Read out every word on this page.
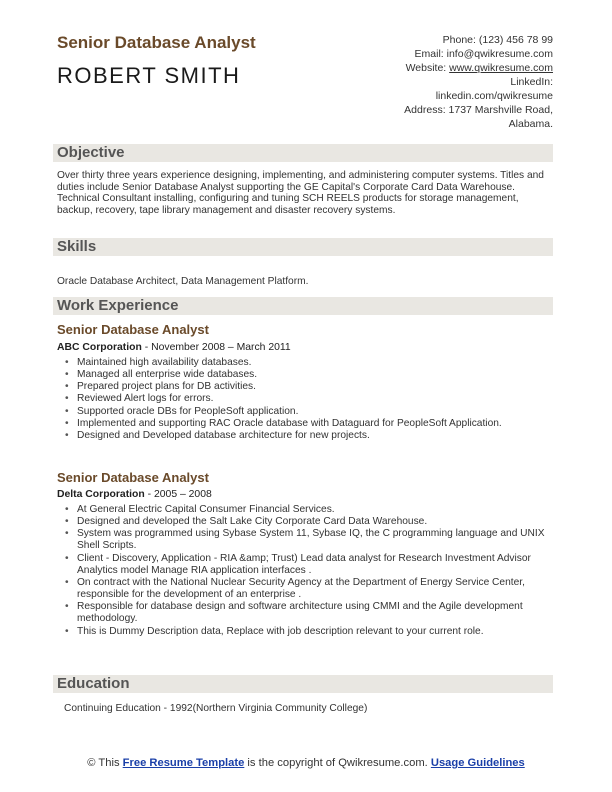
Senior Database Analyst
ROBERT SMITH
Phone: (123) 456 78 99
Email: info@qwikresume.com
Website: www.qwikresume.com
LinkedIn:
linkedin.com/qwikresume
Address: 1737 Marshville Road,
Alabama.
Objective
Over thirty three years experience designing, implementing, and administering computer systems. Titles and duties include Senior Database Analyst supporting the GE Capital's Corporate Card Data Warehouse. Technical Consultant installing, configuring and tuning SCH REELS products for storage management, backup, recovery, tape library management and disaster recovery systems.
Skills
Oracle Database Architect, Data Management Platform.
Work Experience
Senior Database Analyst
ABC Corporation - November 2008 – March 2011
• Maintained high availability databases.
• Managed all enterprise wide databases.
• Prepared project plans for DB activities.
• Reviewed Alert logs for errors.
• Supported oracle DBs for PeopleSoft application.
• Implemented and supporting RAC Oracle database with Dataguard for PeopleSoft Application.
• Designed and Developed database architecture for new projects.
Senior Database Analyst
Delta Corporation - 2005 – 2008
• At General Electric Capital Consumer Financial Services.
• Designed and developed the Salt Lake City Corporate Card Data Warehouse.
• System was programmed using Sybase System 11, Sybase IQ, the C programming language and UNIX Shell Scripts.
• Client - Discovery, Application - RIA &amp; Trust) Lead data analyst for Research Investment Advisor Analytics model Manage RIA application interfaces .
• On contract with the National Nuclear Security Agency at the Department of Energy Service Center, responsible for the development of an enterprise .
• Responsible for database design and software architecture using CMMI and the Agile development methodology.
• This is Dummy Description data, Replace with job description relevant to your current role.
Education
Continuing Education - 1992(Northern Virginia Community College)
© This Free Resume Template is the copyright of Qwikresume.com. Usage Guidelines
